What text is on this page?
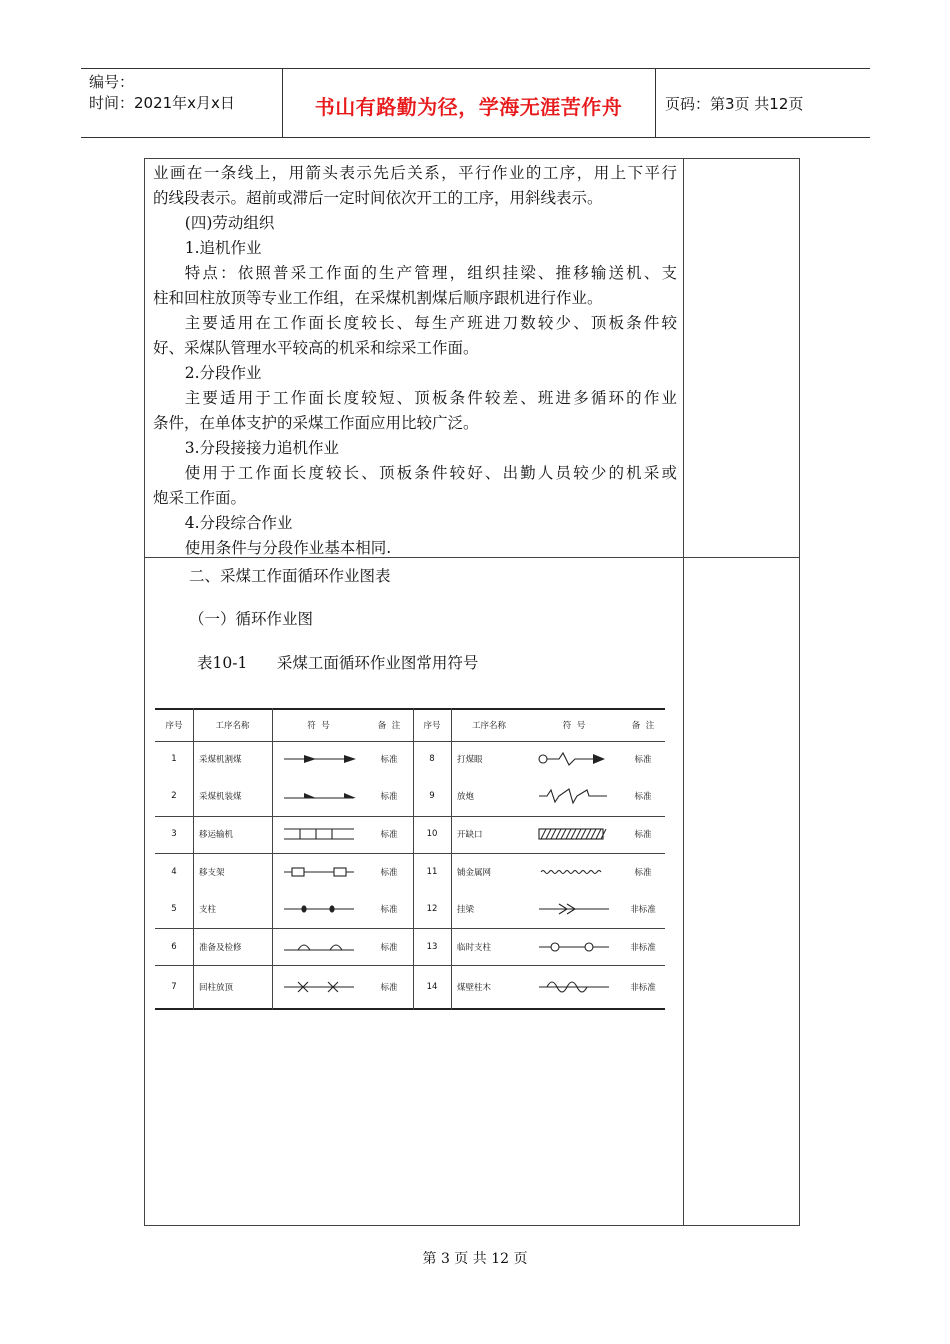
编号：
时间：2021年x月x日	书山有路勤为径，学海无涯苦作舟	页码：第3页 共12页

业画在一条线上，用箭头表示先后关系，平行作业的工序，用上下平行

的线段表示。超前或滞后一定时间依次开工的工序，用斜线表示。

(四)劳动组织

1.追机作业

特点：依照普采工作面的生产管理，组织挂梁、推移输送机、支

柱和回柱放顶等专业工作组，在采煤机割煤后顺序跟机进行作业。

主要适用在工作面长度较长、每生产班进刀数较少、顶板条件较

好、采煤队管理水平较高的机采和综采工作面。

2.分段作业

主要适用于工作面长度较短、顶板条件较差、班进多循环的作业

条件，在单体支护的采煤工作面应用比较广泛。

3.分段接接力追机作业

使用于工作面长度较长、顶板条件较好、出勤人员较少的机采或

炮采工作面。

4.分段综合作业

使用条件与分段作业基本相同.

二、采煤工作面循环作业图表
（一）循环作业图
表10-1      采煤工面循环作业图常用符号
序号	工序名称	符  号	备  注	序号	工序名称	符  号	备  注
1	采煤机割煤	标准	8	打煤眼	标准
2	采煤机装煤	标准	9	放炮	标准
3	移运输机	标准	10	开缺口	标准
4	移支架	标准	11	铺金属网	标准
5	支柱	标准	12	挂梁	非标准
6	准备及检修	标准	13	临时支柱	非标准
7	回柱放顶	标准	14	煤壁柱木	非标准
第 3 页 共 12 页
